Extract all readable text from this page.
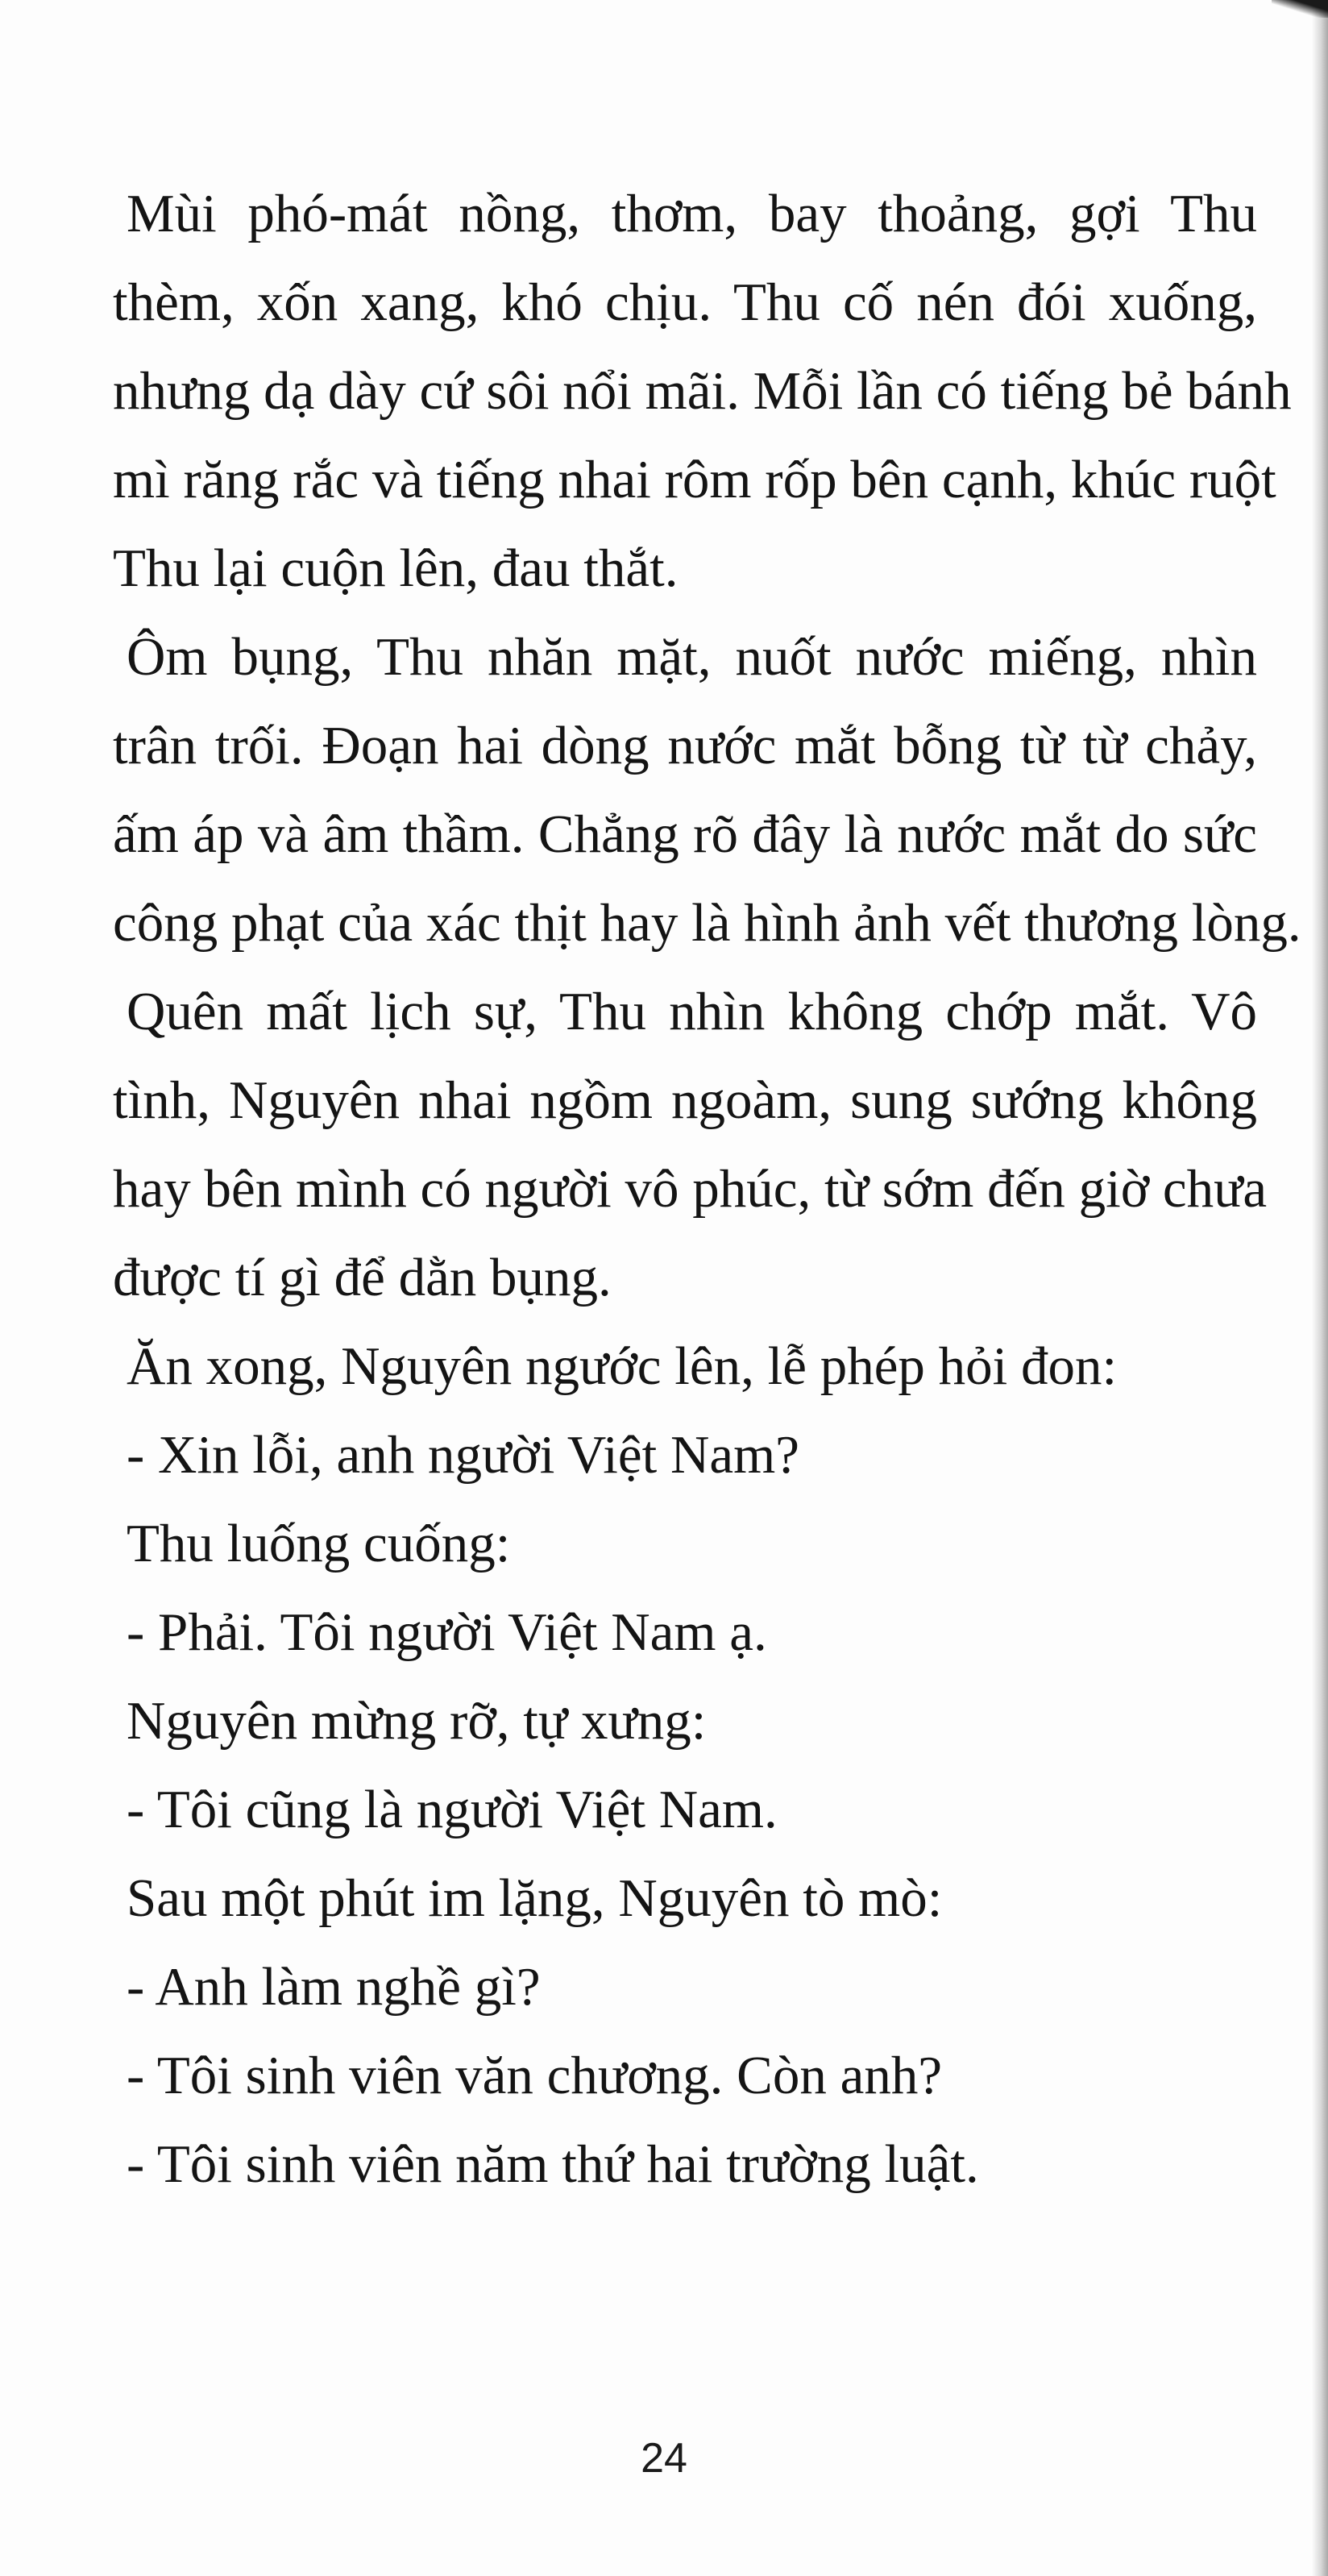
Mùi phó-mát nồng, thơm, bay thoảng, gợi Thu
thèm, xốn xang, khó chịu. Thu cố nén đói xuống,
nhưng dạ dày cứ sôi nổi mãi. Mỗi lần có tiếng bẻ bánh
mì răng rắc và tiếng nhai rôm rốp bên cạnh, khúc ruột
Thu lại cuộn lên, đau thắt.
Ôm bụng, Thu nhăn mặt, nuốt nước miếng, nhìn
trân trối. Đoạn hai dòng nước mắt bỗng từ từ chảy,
ấm áp và âm thầm. Chẳng rõ đây là nước mắt do sức
công phạt của xác thịt hay là hình ảnh vết thương lòng.
Quên mất lịch sự, Thu nhìn không chớp mắt. Vô
tình, Nguyên nhai ngồm ngoàm, sung sướng không
hay bên mình có người vô phúc, từ sớm đến giờ chưa
được tí gì để dằn bụng.
Ăn xong, Nguyên ngước lên, lễ phép hỏi đon:
- Xin lỗi, anh người Việt Nam?
Thu luống cuống:
- Phải. Tôi người Việt Nam ạ.
Nguyên mừng rỡ, tự xưng:
- Tôi cũng là người Việt Nam.
Sau một phút im lặng, Nguyên tò mò:
- Anh làm nghề gì?
- Tôi sinh viên văn chương. Còn anh?
- Tôi sinh viên năm thứ hai trường luật.
24
